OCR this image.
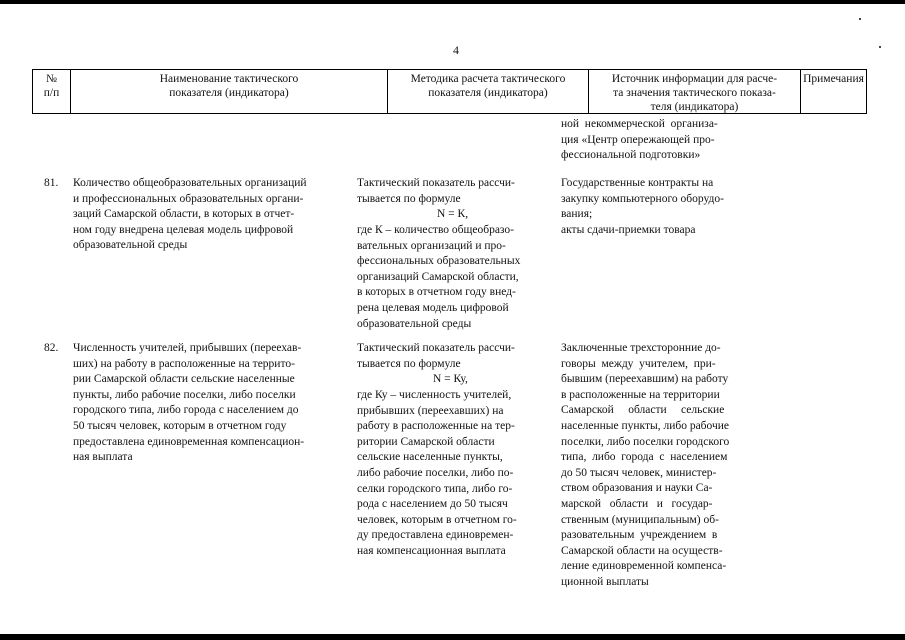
4
№
п/п
Наименование тактического
показателя (индикатора)
Методика расчета тактического
показателя (индикатора)
Источник информации для расче-
та значения тактического показа-
теля (индикатора)
Примечания
ной  некоммерческой  организа-
ция «Центр опережающей про-
фессиональной подготовки»
81. Количество общеобразовательных организаций
и профессиональных образовательных органи-
заций Самарской области, в которых в отчет-
ном году внедрена целевая модель цифровой
образовательной среды
Тактический показатель рассчи-
тывается по формуле
N = К,
где К – количество общеобразо-
вательных организаций и про-
фессиональных образовательных
организаций Самарской области,
в которых в отчетном году внед-
рена целевая модель цифровой
образовательной среды
Государственные контракты на
закупку компьютерного оборудо-
вания;
акты сдачи-приемки товара
82. Численность учителей, прибывших (переехав-
ших) на работу в расположенные на террито-
рии Самарской области сельские населенные
пункты, либо рабочие поселки, либо поселки
городского типа, либо города с населением до
50 тысяч человек, которым в отчетном году
предоставлена единовременная компенсацион-
ная выплата
Тактический показатель рассчи-
тывается по формуле
N = Ку,
где Ку – численность учителей,
прибывших (переехавших) на
работу в расположенные на тер-
ритории Самарской области
сельские населенные пункты,
либо рабочие поселки, либо по-
селки городского типа, либо го-
рода с населением до 50 тысяч
человек, которым в отчетном го-
ду предоставлена единовремен-
ная компенсационная выплата
Заключенные трехсторонние до-
говоры  между  учителем,  при-
бывшим (переехавшим) на работу
в расположенные на территории
Самарской     области     сельские
населенные пункты, либо рабочие
поселки, либо поселки городского
типа,  либо  города  с  населением
до 50 тысяч человек, министер-
ством образования и науки Са-
марской   области   и   государ-
ственным (муниципальным) об-
разовательным  учреждением  в
Самарской области на осуществ-
ление единовременной компенса-
ционной выплаты
